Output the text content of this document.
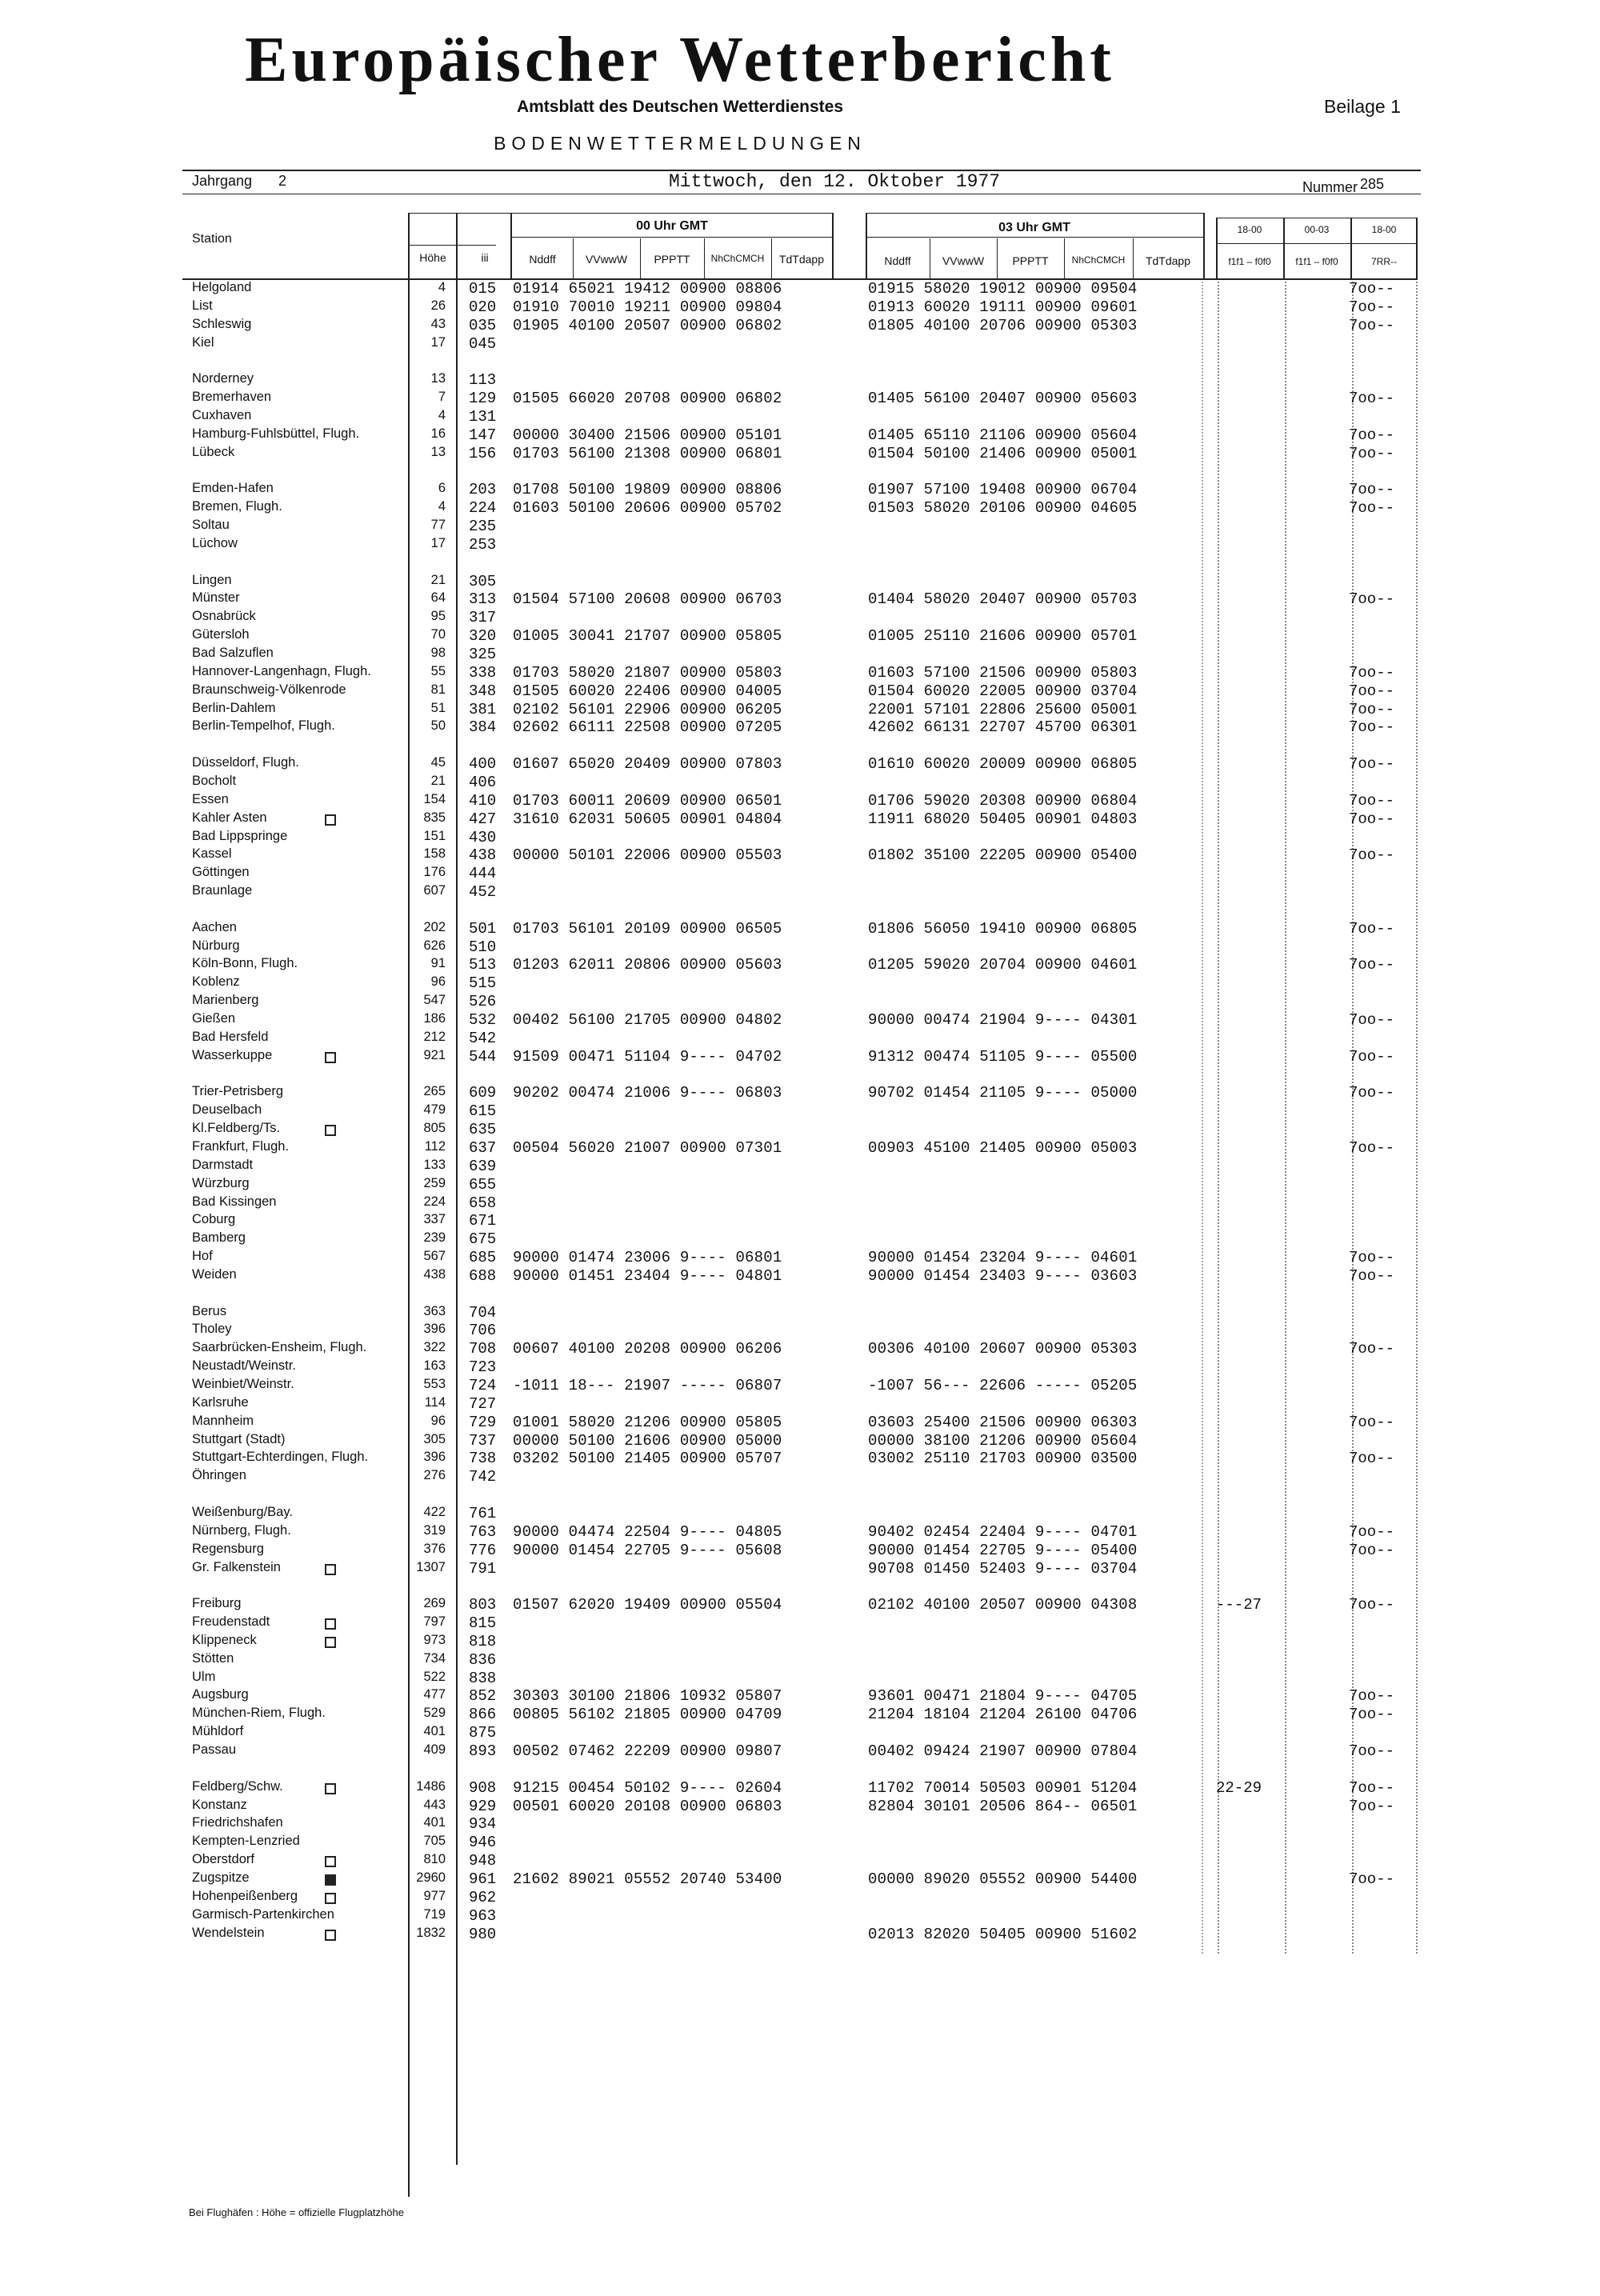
Europäischer Wetterbericht
Amtsblatt des Deutschen Wetterdienstes	Beilage 1
BODENWETTERMELDUNGEN
Jahrgang 2	Mittwoch, den 12. Oktober 1977	Nummer 285
Station
Höhe	iii
00 Uhr GMT	03 Uhr GMT
Nddff	VVwwW	PPPTT	NhChCMCH	TdTdapp	Nddff	VVwwW	PPPTT	NhChCMCH	TdTdapp
18-00	00-03	18-00
f1f1 – f0f0	f1f1 – f0f0	7RR--
Helgoland	4 015 01914 65021 19412 00900 08806	01915 58020 19012 00900 09504	7oo--
List	26 020 01910 70010 19211 00900 09804	01913 60020 19111 00900 09601	7oo--
Schleswig	43 035 01905 40100 20507 00900 06802	01805 40100 20706 00900 05303	7oo--
Kiel	17 045
Norderney	13 113
Bremerhaven	7 129 01505 66020 20708 00900 06802	01405 56100 20407 00900 05603	7oo--
Cuxhaven	4 131
Hamburg-Fuhlsbüttel, Flugh.	16 147 00000 30400 21506 00900 05101	01405 65110 21106 00900 05604	7oo--
Lübeck	13 156 01703 56100 21308 00900 06801	01504 50100 21406 00900 05001	7oo--
Emden-Hafen	6 203 01708 50100 19809 00900 08806	01907 57100 19408 00900 06704	7oo--
Bremen, Flugh.	4 224 01603 50100 20606 00900 05702	01503 58020 20106 00900 04605	7oo--
Soltau	77 235
Lüchow	17 253
Lingen	21 305
Münster	64 313 01504 57100 20608 00900 06703	01404 58020 20407 00900 05703	7oo--
Osnabrück	95 317
Gütersloh	70 320 01005 30041 21707 00900 05805	01005 25110 21606 00900 05701
Bad Salzuflen	98 325
Hannover-Langenhagn, Flugh.	55 338 01703 58020 21807 00900 05803	01603 57100 21506 00900 05803	7oo--
Braunschweig-Völkenrode	81 348 01505 60020 22406 00900 04005	01504 60020 22005 00900 03704	7oo--
Berlin-Dahlem	51 381 02102 56101 22906 00900 06205	22001 57101 22806 25600 05001	7oo--
Berlin-Tempelhof, Flugh.	50 384 02602 66111 22508 00900 07205	42602 66131 22707 45700 06301	7oo--
Düsseldorf, Flugh.	45 400 01607 65020 20409 00900 07803	01610 60020 20009 00900 06805	7oo--
Bocholt	21 406
Essen	154 410 01703 60011 20609 00900 06501	01706 59020 20308 00900 06804	7oo--
Kahler Asten	835 427 31610 62031 50605 00901 04804	11911 68020 50405 00901 04803	7oo--
Bad Lippspringe	151 430
Kassel	158 438 00000 50101 22006 00900 05503	01802 35100 22205 00900 05400	7oo--
Göttingen	176 444
Braunlage	607 452
Aachen	202 501 01703 56101 20109 00900 06505	01806 56050 19410 00900 06805	7oo--
Nürburg	626 510
Köln-Bonn, Flugh.	91 513 01203 62011 20806 00900 05603	01205 59020 20704 00900 04601	7oo--
Koblenz	96 515
Marienberg	547 526
Gießen	186 532 00402 56100 21705 00900 04802	90000 00474 21904 9---- 04301	7oo--
Bad Hersfeld	212 542
Wasserkuppe	921 544 91509 00471 51104 9---- 04702	91312 00474 51105 9---- 05500	7oo--
Trier-Petrisberg	265 609 90202 00474 21006 9---- 06803	90702 01454 21105 9---- 05000	7oo--
Deuselbach	479 615
Kl.Feldberg/Ts.	805 635
Frankfurt, Flugh.	112 637 00504 56020 21007 00900 07301	00903 45100 21405 00900 05003	7oo--
Darmstadt	133 639
Würzburg	259 655
Bad Kissingen	224 658
Coburg	337 671
Bamberg	239 675
Hof	567 685 90000 01474 23006 9---- 06801	90000 01454 23204 9---- 04601	7oo--
Weiden	438 688 90000 01451 23404 9---- 04801	90000 01454 23403 9---- 03603	7oo--
Berus	363 704
Tholey	396 706
Saarbrücken-Ensheim, Flugh.	322 708 00607 40100 20208 00900 06206	00306 40100 20607 00900 05303	7oo--
Neustadt/Weinstr.	163 723
Weinbiet/Weinstr.	553 724 -1011 18--- 21907 ----- 06807	-1007 56--- 22606 ----- 05205
Karlsruhe	114 727
Mannheim	96 729 01001 58020 21206 00900 05805	03603 25400 21506 00900 06303	7oo--
Stuttgart (Stadt)	305 737 00000 50100 21606 00900 05000	00000 38100 21206 00900 05604
Stuttgart-Echterdingen, Flugh.	396 738 03202 50100 21405 00900 05707	03002 25110 21703 00900 03500	7oo--
Öhringen	276 742
Weißenburg/Bay.	422 761
Nürnberg, Flugh.	319 763 90000 04474 22504 9---- 04805	90402 02454 22404 9---- 04701	7oo--
Regensburg	376 776 90000 01454 22705 9---- 05608	90000 01454 22705 9---- 05400	7oo--
Gr. Falkenstein	1307 791	90708 01450 52403 9---- 03704
Freiburg	269 803 01507 62020 19409 00900 05504	02102 40100 20507 00900 04308	---27	7oo--
Freudenstadt	797 815
Klippeneck	973 818
Stötten	734 836
Ulm	522 838
Augsburg	477 852 30303 30100 21806 10932 05807	93601 00471 21804 9---- 04705	7oo--
München-Riem, Flugh.	529 866 00805 56102 21805 00900 04709	21204 18104 21204 26100 04706	7oo--
Mühldorf	401 875
Passau	409 893 00502 07462 22209 00900 09807	00402 09424 21907 00900 07804	7oo--
Feldberg/Schw.	1486 908 91215 00454 50102 9---- 02604	11702 70014 50503 00901 51204	22-29	7oo--
Konstanz	443 929 00501 60020 20108 00900 06803	82804 30101 20506 864-- 06501	7oo--
Friedrichshafen	401 934
Kempten-Lenzried	705 946
Oberstdorf	810 948
Zugspitze	2960 961 21602 89021 05552 20740 53400	00000 89020 05552 00900 54400	7oo--
Hohenpeißenberg	977 962
Garmisch-Partenkirchen	719 963
Wendelstein	1832 980	02013 82020 50405 00900 51602
Bei Flughäfen : Höhe = offizielle Flugplatzhöhe
